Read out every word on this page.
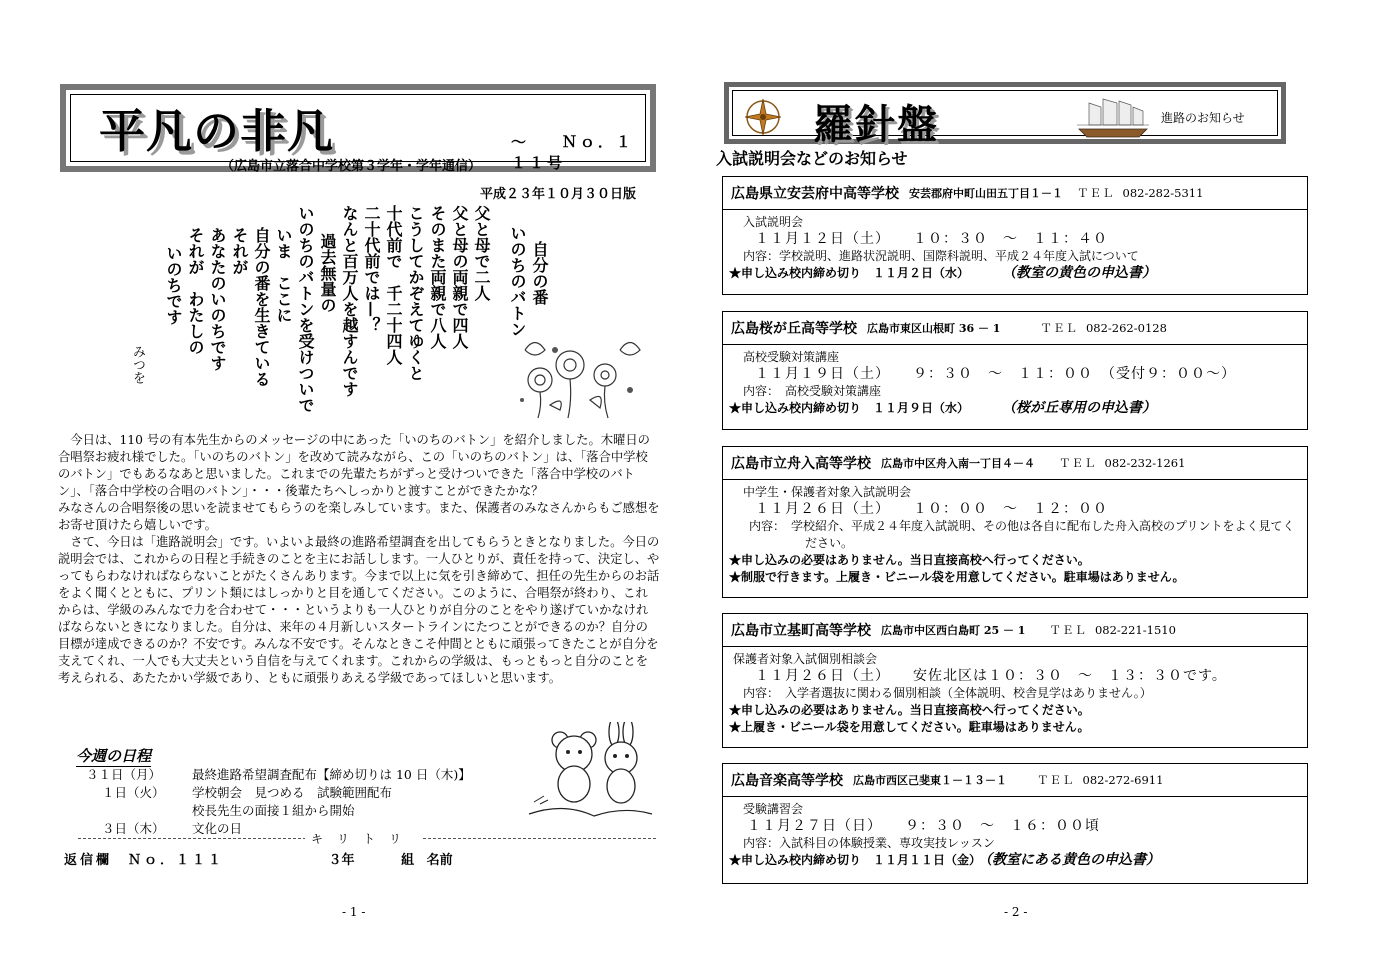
平凡の非凡	〜 Ｎｏ．１１１号
（広島市立落合中学校第３学年・学年通信）
平成２３年１０月３０日版
自分の番
いのちのバトン
父と母で二人
父と母の両親で四人
そのまた両親で八人
こうしてかぞえてゆくと
十代前で　千二十四人
二十代前では—？
なんと百万人を越すんです
過去無量の
いのちのバトンを受けついで
いま　ここに
自分の番を生きている
それが
あなたのいのちです
それが　わたしの
いのちです
みつを

　今日は、110 号の有本先生からのメッセージの中にあった「いのちのバトン」を紹介しました。木曜日の合唱祭お疲れ様でした。「いのちのバトン」を改めて読みながら、この「いのちのバトン」は、「落合中学校のバトン」でもあるなあと思いました。これまでの先輩たちがずっと受けついできた「落合中学校のバトン」、「落合中学校の合唱のバトン」・・・後輩たちへしっかりと渡すことができたかな？

みなさんの合唱祭後の思いを読ませてもらうのを楽しみしています。また、保護者のみなさんからもご感想をお寄せ頂けたら嬉しいです。

　さて、今日は「進路説明会」です。いよいよ最終の進路希望調査を出してもらうときとなりました。今日の説明会では、これからの日程と手続きのことを主にお話しします。一人ひとりが、責任を持って、決定し、やってもらわなければならないことがたくさんあります。今まで以上に気を引き締めて、担任の先生からのお話をよく聞くとともに、プリント類にはしっかりと目を通してください。このように、合唱祭が終わり、これからは、学級のみんなで力を合わせて・・・というよりも一人ひとりが自分のことをやり遂げていかなければならないときになりました。自分は、来年の４月新しいスタートラインにたつことができるのか？自分の目標が達成できるのか？不安です。みんな不安です。そんなときこそ仲間とともに頑張ってきたことが自分を支えてくれ、一人でも大丈夫という自信を与えてくれます。これからの学級は、もっともっと自分のことを考えられる、あたたかい学級であり、ともに頑張りあえる学級であってほしいと思います。

今週の日程
３１日（月）	最終進路希望調査配布【締め切りは 10 日（木)】
１日（火）	学校朝会　見つめる　試験範囲配布
校長先生の面接１組から開始
３日（木）	文化の日
キリトリ
返信欄　Ｎｏ．１１１	３年	組 名前
- 1 -
羅針盤	進路のお知らせ
入試説明会などのお知らせ
広島県立安芸府中高等学校 安芸郡府中町山田五丁目１－１ ＴＥＬ 082-282-5311
入試説明会
１１月１２日（土）　　１０：３０　〜　１１：４０
内容：学校説明、進路状況説明、国際科説明、平成２４年度入試について
★申し込み校内締め切り　１１月２日（水）	（教室の黄色の申込書）
広島桜が丘高等学校 広島市東区山根町 36 － 1	ＴＥＬ 082-262-0128
高校受験対策講座
１１月１９日（土）　　９：３０　〜　１１：００　（受付９：００〜）
内容：　高校受験対策講座
★申し込み校内締め切り　１１月９日（水）	（桜が丘専用の申込書）
広島市立舟入高等学校 広島市中区舟入南一丁目４－４ ＴＥＬ 082-232-1261
中学生・保護者対象入試説明会
１１月２６日（土）　　１０：００　〜　１２：００
内容：　学校紹介、平成２４年度入試説明、その他は各自に配布した舟入高校のプリントをよく見てください。
★申し込みの必要はありません。当日直接高校へ行ってください。
★制服で行きます。上履き・ビニール袋を用意してください。駐車場はありません。
広島市立基町高等学校 広島市中区西白島町 25 － 1 ＴＥＬ 082-221-1510
保護者対象入試個別相談会
１１月２６日（土）　　安佐北区は１０：３０　〜　１３：３０です。
内容：　入学者選抜に関わる個別相談（全体説明、校舎見学はありません。）
★申し込みの必要はありません。当日直接高校へ行ってください。
★上履き・ビニール袋を用意してください。駐車場はありません。
広島音楽高等学校 広島市西区己斐東１－１３－１	ＴＥＬ 082-272-6911
受験講習会
１１月２７日（日）　　９：３０　〜　１６：００頃
内容：入試科目の体験授業、専攻実技レッスン
★申し込み校内締め切り　１１月１１日（金） （教室にある黄色の申込書）
- 2 -
